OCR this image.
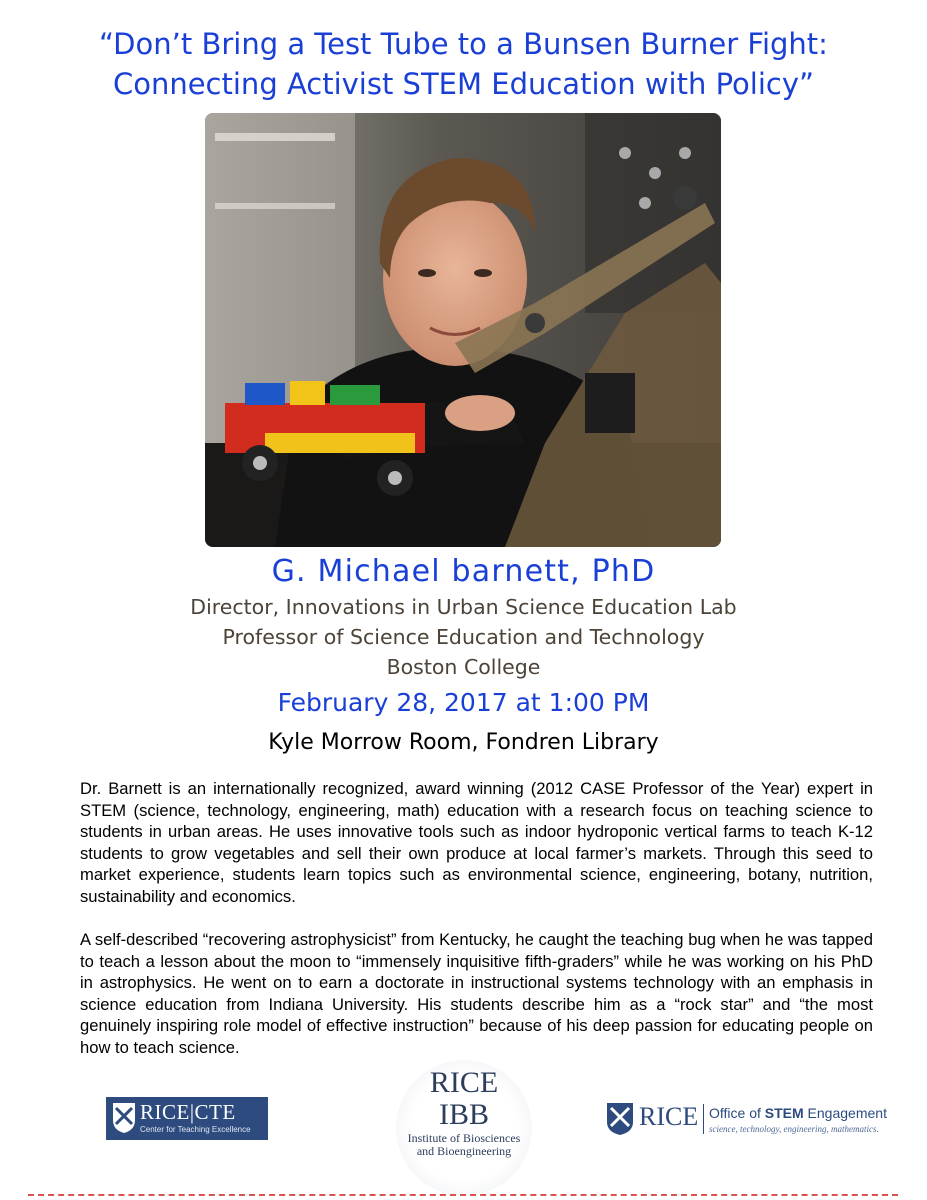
“Don’t Bring a Test Tube to a Bunsen Burner Fight:
Connecting Activist STEM Education with Policy”
G. Michael barnett, PhD
Director, Innovations in Urban Science Education Lab
Professor of Science Education and Technology
Boston College
February 28, 2017 at 1:00 PM
Kyle Morrow Room, Fondren Library

Dr. Barnett is an internationally recognized, award winning (2012 CASE Professor of the Year) expert in STEM (science, technology, engineering, math) education with a research focus on teaching science to students in urban areas. He uses innovative tools such as indoor hydroponic vertical farms to teach K-12 students to grow vegetables and sell their own produce at local farmer’s markets. Through this seed to market experience, students learn topics such as environmental science, engineering, botany, nutrition, sustainability and economics.

A self-described “recovering astrophysicist” from Kentucky, he caught the teaching bug when he was tapped to teach a lesson about the moon to “immensely inquisitive fifth-graders” while he was working on his PhD in astrophysics. He went on to earn a doctorate in instructional systems technology with an emphasis in science education from Indiana University. His students describe him as a “rock star” and “the most genuinely inspiring role model of effective instruction” because of his deep passion for educating people on how to teach science.

RICE|CTE
Center for Teaching Excellence
RICE
IBB
Institute of Biosciences
and Bioengineering
RICE Office of STEM Engagement
science, technology, engineering, mathematics.
